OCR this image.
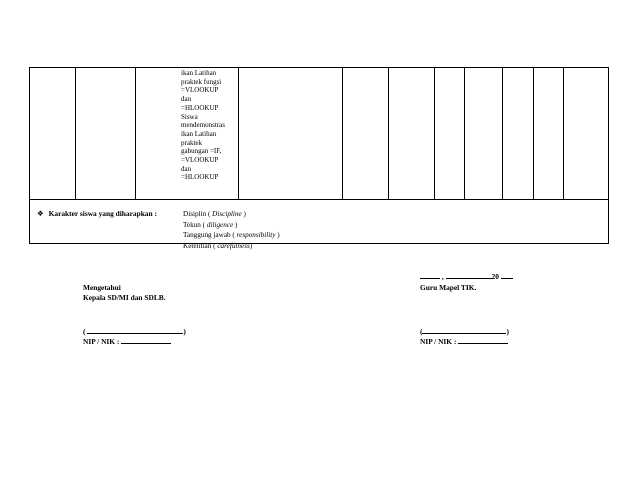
ikan Latihan
praktek fungsi
=VLOOKUP
dan
=HLOOKUP
Siswa
mendemonstras
ikan Latihan
praktek
gabungan =IF,
=VLOOKUP
dan
=HLOOKUP
❖ Karakter siswa yang diharapkan :	Disiplin ( Discipline )
Tekun ( diligence )
Tanggung jawab ( responsibility )
Ketelitian ( carefulness)
Mengetahui
Kepala SD/MI dan SDLB.
(	)
NIP / NIK :
,	20
Guru Mapel TIK.
(	)
NIP / NIK :
